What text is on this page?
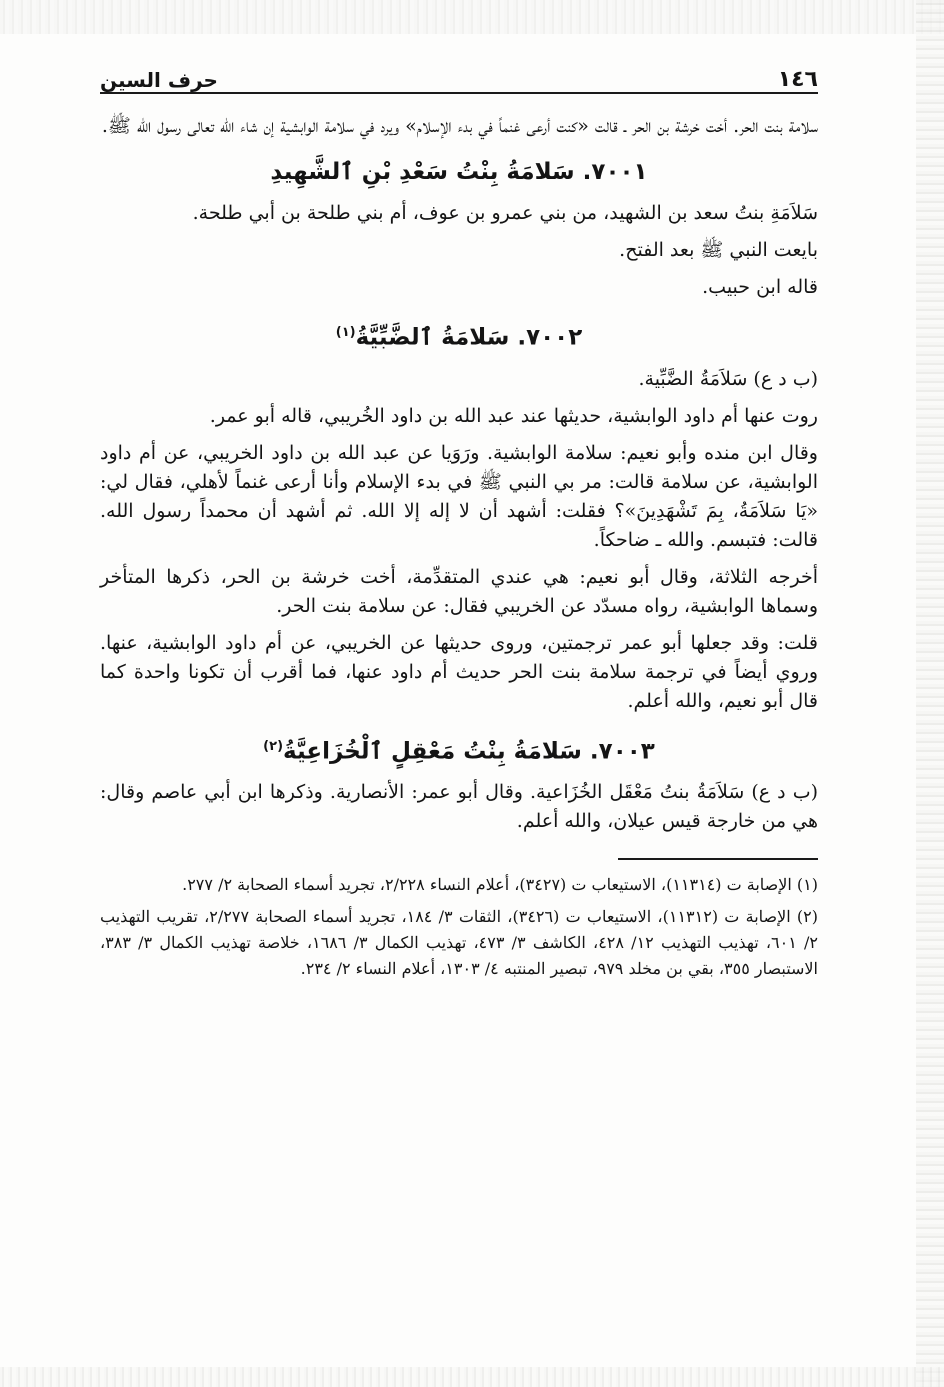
١٤٦
حرف السين

سلامة بنت الحر. أخت خرشة بن الحر ـ قالت «كنت أرعى غنماً في بدء الإسلام» ويرد في سلامة الوابشية إن شاء الله تعالى رسول الله ﷺ.

٧٠٠١. سَلامَةُ بِنْتُ سَعْدِ بْنِ ٱلشَّهِيدِ

سَلاَمَةِ بنتُ سعد بن الشهيد، من بني عمرو بن عوف، أم بني طلحة بن أبي طلحة.

بايعت النبي ﷺ بعد الفتح.

قاله ابن حبيب.

٧٠٠٢. سَلامَةُ ٱلضَّبِّيَّةُ$^{(١)}$

(ب د ع) سَلاَمَةُ الضَّبِّية.

روت عنها أم داود الوابشية، حديثها عند عبد الله بن داود الخُريبي، قاله أبو عمر.

وقال ابن منده وأبو نعيم: سلامة الوابشية. ورَوَيا عن عبد الله بن داود الخريبي، عن أم داود الوابشية، عن سلامة قالت: مر بي النبي ﷺ في بدء الإسلام وأنا أرعى غنماً لأهلي، فقال لي: «يَا سَلاَمَةُ، بِمَ تَشْهَدِينَ»؟ فقلت: أشهد أن لا إله إلا الله. ثم أشهد أن محمداً رسول الله. قالت: فتبسم. والله ـ ضاحكاً.

أخرجه الثلاثة، وقال أبو نعيم: هي عندي المتقدِّمة، أخت خرشة بن الحر، ذكرها المتأخر وسماها الوابشية، رواه مسدّد عن الخريبي فقال: عن سلامة بنت الحر.

قلت: وقد جعلها أبو عمر ترجمتين، وروى حديثها عن الخريبي، عن أم داود الوابشية، عنها. وروي أيضاً في ترجمة سلامة بنت الحر حديث أم داود عنها، فما أقرب أن تكونا واحدة كما قال أبو نعيم، والله أعلم.

٧٠٠٣. سَلامَةُ بِنْتُ مَعْقِلٍ ٱلْخُزَاعِيَّةُ$^{(٢)}$

(ب د ع) سَلاَمَةُ بنتُ مَعْقَل الخُزَاعية. وقال أبو عمر: الأنصارية. وذكرها ابن أبي عاصم وقال: هي من خارجة قيس عيلان، والله أعلم.

(١) الإصابة ت (١١٣١٤)، الاستيعاب ت (٣٤٢٧)، أعلام النساء ٢/٢٢٨، تجريد أسماء الصحابة ٢/ ٢٧٧.

(٢) الإصابة ت (١١٣١٢)، الاستيعاب ت (٣٤٢٦)، الثقات ٣/ ١٨٤، تجريد أسماء الصحابة ٢/٢٧٧، تقريب التهذيب ٢/ ٦٠١، تهذيب التهذيب ١٢/ ٤٢٨، الكاشف ٣/ ٤٧٣، تهذيب الكمال ٣/ ١٦٨٦، خلاصة تهذيب الكمال ٣/ ٣٨٣، الاستبصار ٣٥٥، بقي بن مخلد ٩٧٩، تبصير المنتبه ٤/ ١٣٠٣، أعلام النساء ٢/ ٢٣٤.
